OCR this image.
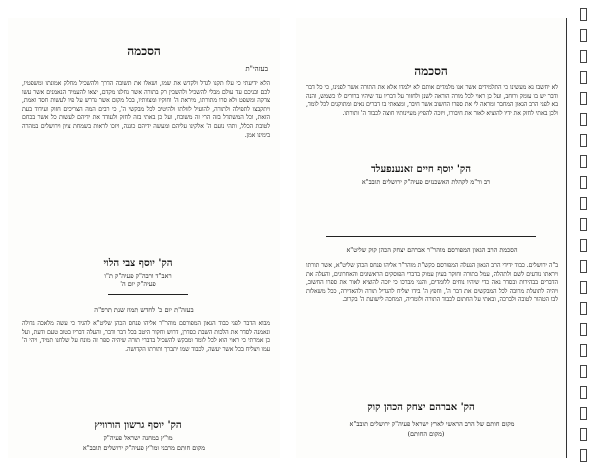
הסכמה
בעזהי"ת
הלא ידיעתי כי עלו תקנו לגדל ולקדש את שמו, ושאלו את תשובה הדרך ולהשכיל מחלק אמונתו ומשפטיו, לכם ובניכם עד עולם מבלי להשכיל ולהשכין רק בתורה אשר נחלנו מקדם, יצאו להעמיד הנאמנים אשר עשו צדקה ומשפט ולא סרו מתורתו, מיראת ה' וחוקיו ומצוותיו, בכל מקום אשר נדרש על פיו לעשות חסד ואמת, ויתקבצו לתפילה ולתורה, להועיל לזולתו ולהיטיב לכל מבקשי ה', כי רבים המה הצריכים חזוק ועידוד בעת הזאת, וכל המשתדל בזה הרי זה משובח, ועל כן באתי בזה לחזק ולעודד את ידיהם לעשות כל אשר בכחם לטובת הכלל, ותהי נועם ה' אלקינו עליהם ומעשה ידיהם כוננה, ויזכו לראות בשמחת ציון וירושלים במהרה בימינו אמן.
הק' יוסף צבי הלוי
ראב"ד ורבה"ק פעיה"ק ת"ו
פעיה"ק יום ה'
בעזה"ת יום כ' לחדש תמוז שנת תרפ"ה
מבוא הדבר לפני כבוד הגאון המפורסם מוהר"ר אליהו פנחס הכהן שליט"א להגיד כי עשה מלאכה גדולה ונאמנה לסדר את הלכות השבת כסדרן, דרוש וחקור היטב בכל דבר ודבר, והעלה דבריו בטוב טעם ודעת, ועל כן אמרתי כי ראוי הוא לכל לומד ומבקש להשכיל בדברי תורה שיהיה ספר זה מונח על שלחנו תמיד, ויהי ה' עמו ויצליח בכל אשר יעשה, לכבוד שמו יתברך ותורתו הקדושה.
הק' יוסף גרשון הורוויץ
מו"ץ במחנה ישראל פעיה"ק
מקום חותם מרבני ומו"ץ פעיה"ק ירושלים תובב"א
הסכמה
לא יחשבו נא מעשינו כי התלמידים אשר אנו מלמדים אותם לא ילמדו אלא את התורה אשר לפנינו, כי כל דבר ודבר יש בו עומק ורוחב, ועל כן ראוי לכל מורה הוראה לשנן ולחזור על דבריו עד שיהיו ברורים לו כשמש, והנה בא לפני הרב הגאון המחבר ומראה לי את ספרו החשוב אשר חיבר, ומצאתי בו דברים נאים ומתוקנים לכל לומד, ולכן באתי לחזק את ידיו להוציא לאור את חיבורו, ויזכה להפיץ מעיינותיו חוצה לכבוד ה' ותורתו.
הק' יוסף חיים זאנענפעלד
רב ור"מ לקהלת האשכנזים פעיה"ק ירושלים תובב"א
הסכמת הרב הגאון המפורסם מוהר"ר אברהם יצחק הכהן קוק שליט"א
ב"ה ירושלים. כבוד ידידי הרב הגאון הנעלה המפורסם כקש"ת מוהר"ר אליהו פנחס הכהן שליט"א, אשר תורתו ויראתו נודעים לשם ולתהלה, עמל בתורה וחוקר בעיון עמוק בדברי הפוסקים הראשונים והאחרונים, והעלה את הדברים בבהירות ובסדר נאה כדי שיהיו נוחים ללומדים, והנני מברכו כי יזכה להוציא לאור את ספרו החשוב, ויהיה לתועלת מרובה לכל המבקשים את דבר ה', וחפץ ה' בידו יצליח להגדיל תורה ולהאדירה, ככל משאלות לבו הטהור לטובה ולברכה, ובאתי על החתום לכבוד התורה ולומדיה, המחכה לישועת ה' בקרוב.
הק' אברהם יצחק הכהן קוק
מקום חותם של הרב הראשי לארץ ישראל פעיה"ק ירושלים תובב"א
(מקום החותם)
